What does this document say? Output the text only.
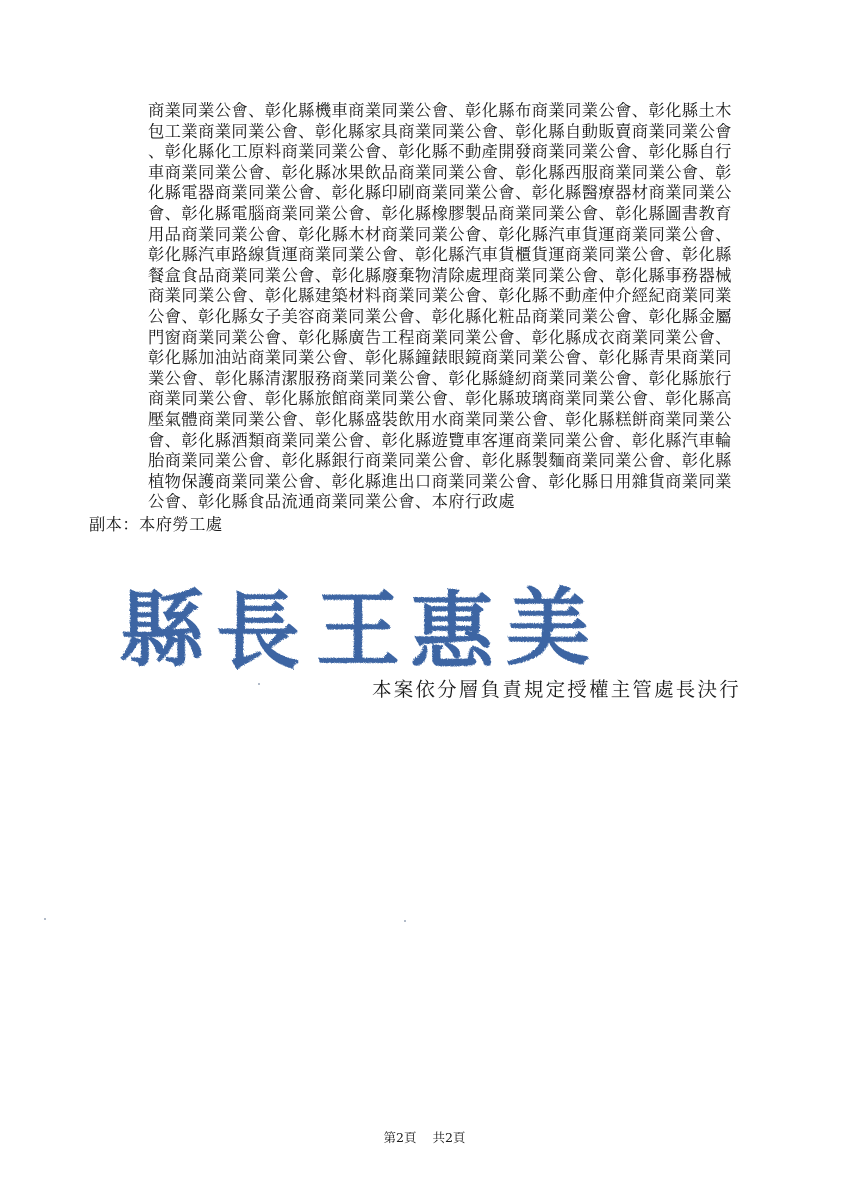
商業同業公會、彰化縣機車商業同業公會、彰化縣布商業同業公會、彰化縣土木
包工業商業同業公會、彰化縣家具商業同業公會、彰化縣自動販賣商業同業公會
、彰化縣化工原料商業同業公會、彰化縣不動產開發商業同業公會、彰化縣自行
車商業同業公會、彰化縣冰果飲品商業同業公會、彰化縣西服商業同業公會、彰
化縣電器商業同業公會、彰化縣印刷商業同業公會、彰化縣醫療器材商業同業公
會、彰化縣電腦商業同業公會、彰化縣橡膠製品商業同業公會、彰化縣圖書教育
用品商業同業公會、彰化縣木材商業同業公會、彰化縣汽車貨運商業同業公會、
彰化縣汽車路線貨運商業同業公會、彰化縣汽車貨櫃貨運商業同業公會、彰化縣
餐盒食品商業同業公會、彰化縣廢棄物清除處理商業同業公會、彰化縣事務器械
商業同業公會、彰化縣建築材料商業同業公會、彰化縣不動產仲介經紀商業同業
公會、彰化縣女子美容商業同業公會、彰化縣化粧品商業同業公會、彰化縣金屬
門窗商業同業公會、彰化縣廣告工程商業同業公會、彰化縣成衣商業同業公會、
彰化縣加油站商業同業公會、彰化縣鐘錶眼鏡商業同業公會、彰化縣青果商業同
業公會、彰化縣清潔服務商業同業公會、彰化縣縫紉商業同業公會、彰化縣旅行
商業同業公會、彰化縣旅館商業同業公會、彰化縣玻璃商業同業公會、彰化縣高
壓氣體商業同業公會、彰化縣盛裝飲用水商業同業公會、彰化縣糕餅商業同業公
會、彰化縣酒類商業同業公會、彰化縣遊覽車客運商業同業公會、彰化縣汽車輪
胎商業同業公會、彰化縣銀行商業同業公會、彰化縣製麵商業同業公會、彰化縣
植物保護商業同業公會、彰化縣進出口商業同業公會、彰化縣日用雜貨商業同業
公會、彰化縣食品流通商業同業公會、本府行政處
副本：本府勞工處
縣 長 王 惠 美
本案依分層負責規定授權主管處長決行
第2頁 共2頁
